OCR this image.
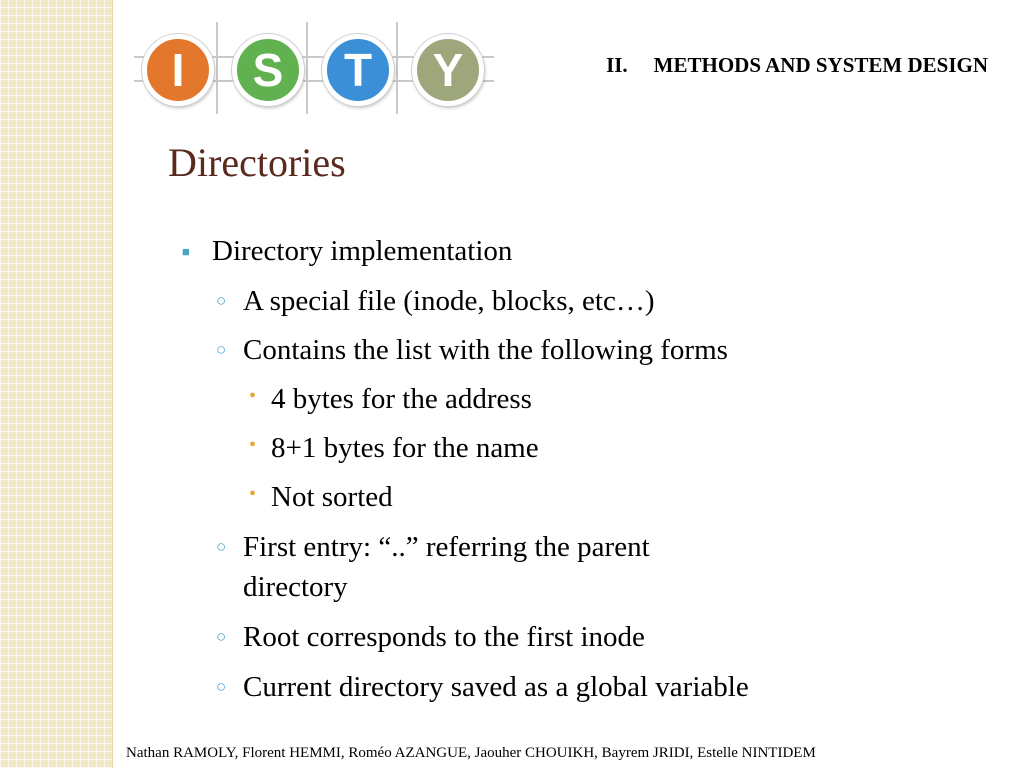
I	S	T	Y	II. METHODS AND SYSTEM DESIGN
Directories
■ Directory implementation
○ A special file (inode, blocks, etc…)
○ Contains the list with the following forms
• 4 bytes for the address
• 8+1 bytes for the name
• Not sorted
○ First entry: “..” referring the parent
directory
○ Root corresponds to the first inode
○ Current directory saved as a global variable
Nathan RAMOLY, Florent HEMMI, Roméo AZANGUE, Jaouher CHOUIKH, Bayrem JRIDI, Estelle NINTIDEM
